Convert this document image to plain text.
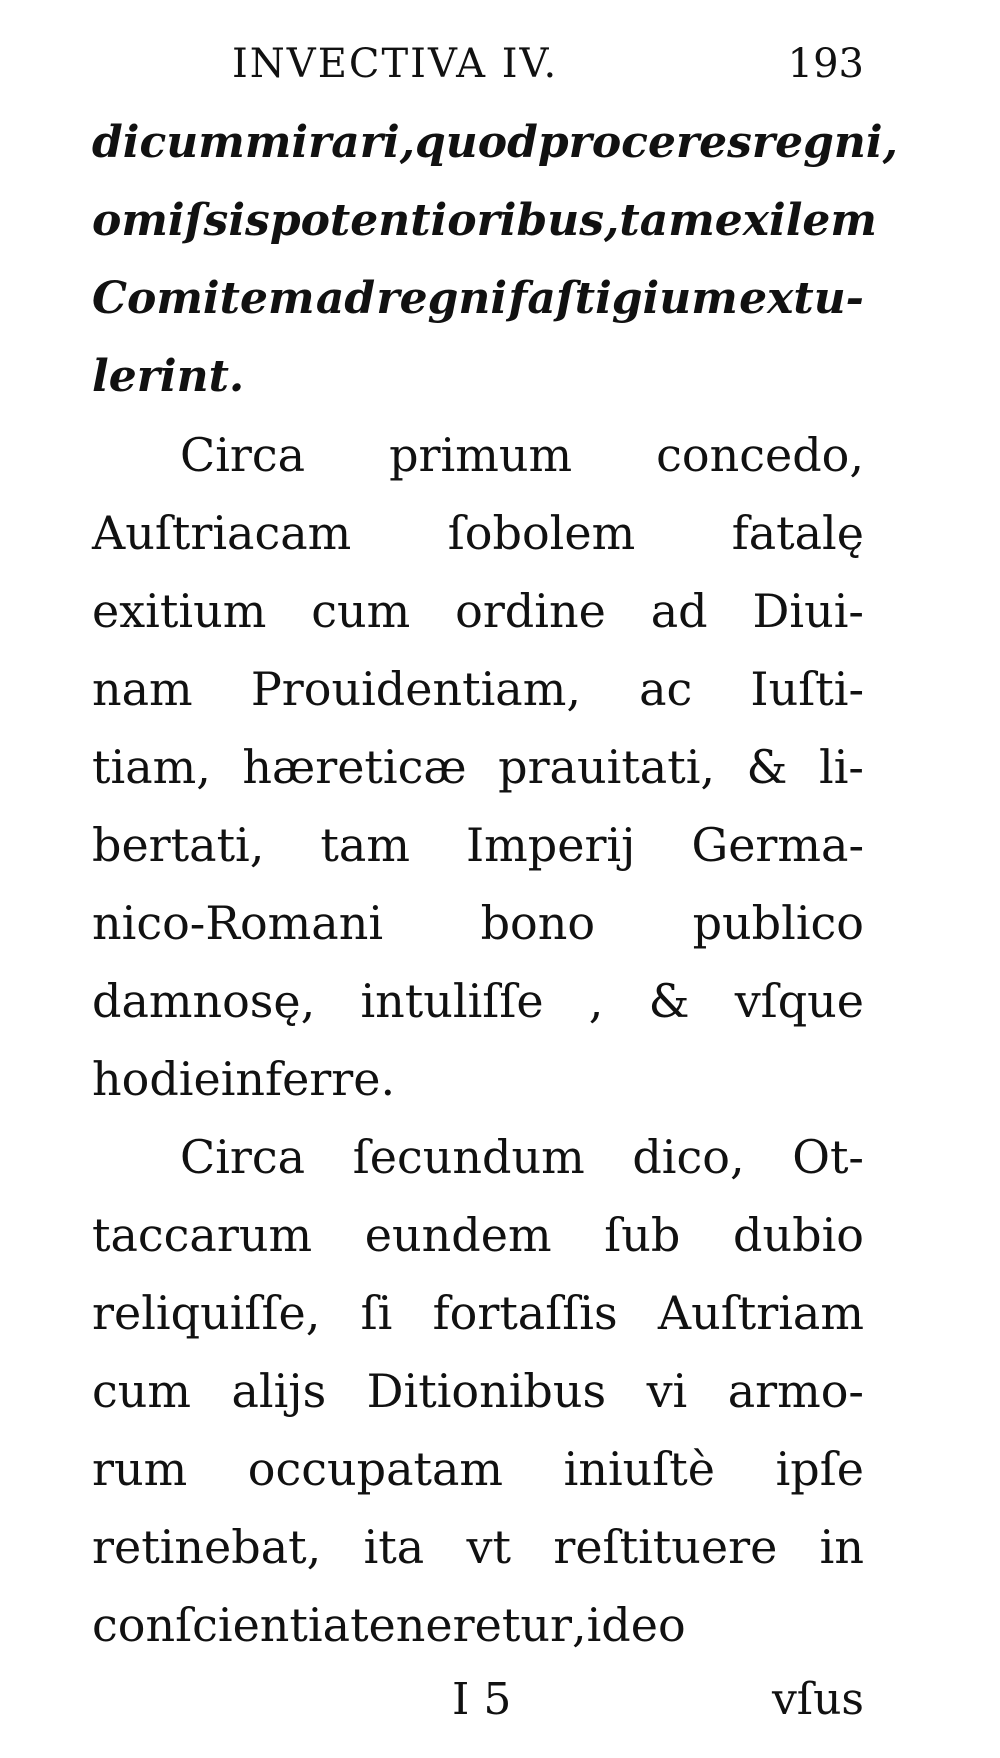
INVECTIVA IV.	193
dicum mirari, quod proceres regni,
omiſsis potentioribus , tam exilem
Comitem ad regni faſtigium extu-
lerint.
Circa primum concedo,
Auſtriacam ſobolem fatalę
exitium cum ordine ad Diui-
nam Prouidentiam, ac Iuſti-
tiam, hæreticæ prauitati, & li-
bertati, tam Imperij Germa-
nico-Romani bono publico
damnosę, intuliſſe , & vſque
hodie inferre.
Circa ſecundum dico, Ot-
taccarum eundem ſub dubio
reliquiſſe, ſi fortaſſis Auſtriam
cum alijs Ditionibus vi armo-
rum occupatam iniuſtè ipſe
retinebat, ita vt reſtituere in
conſcientia teneretur , ideo
I 5	vſus
